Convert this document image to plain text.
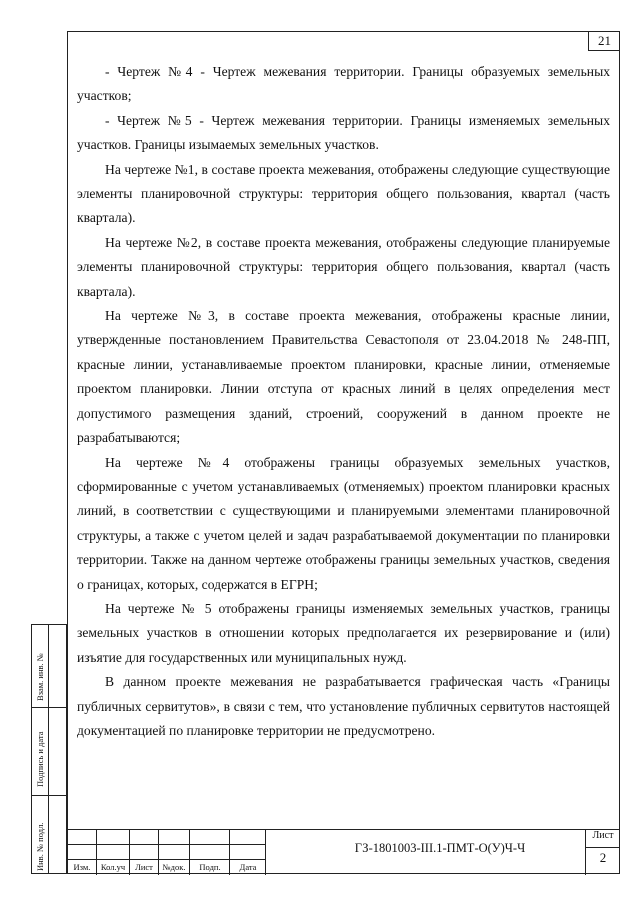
21

- Чертеж №4 - Чертеж межевания территории. Границы образуемых земельных участков;

- Чертеж №5 - Чертеж межевания территории. Границы изменяемых земельных участков. Границы изымаемых земельных участков.

На чертеже №1, в составе проекта межевания, отображены следующие существующие элементы планировочной структуры: территория общего пользования, квартал (часть квартала).

На чертеже №2, в составе проекта межевания, отображены следующие планируемые элементы планировочной структуры: территория общего пользования, квартал (часть квартала).

На чертеже №3, в составе проекта межевания, отображены красные линии, утвержденные постановлением Правительства Севастополя от 23.04.2018 № 248-ПП, красные линии, устанавливаемые проектом планировки, красные линии, отменяемые проектом планировки. Линии отступа от красных линий в целях определения мест допустимого размещения зданий, строений, сооружений в данном проекте не разрабатываются;

На чертеже №4 отображены границы образуемых земельных участков, сформированные с учетом устанавливаемых (отменяемых) проектом планировки красных линий, в соответствии с существующими и планируемыми элементами планировочной структуры, а также с учетом целей и задач разрабатываемой документации по планировки территории. Также на данном чертеже отображены границы земельных участков, сведения о границах, которых, содержатся в ЕГРН;

На чертеже № 5 отображены границы изменяемых земельных участков, границы земельных участков в отношении которых предполагается их резервирование и (или) изъятие для государственных или муниципальных нужд.

В данном проекте межевания не разрабатывается графическая часть «Границы публичных сервитутов», в связи с тем, что установление публичных сервитутов настоящей документацией по планировке территории не предусмотрено.

Взам. инв. №
Подпись и дата
Инв. № подл.	Изм.	Кол.уч	Лист	№док.	Подп.	Дата
ГЗ-1801003-III.1-ПМТ-О(У)Ч-Ч
Лист
2
